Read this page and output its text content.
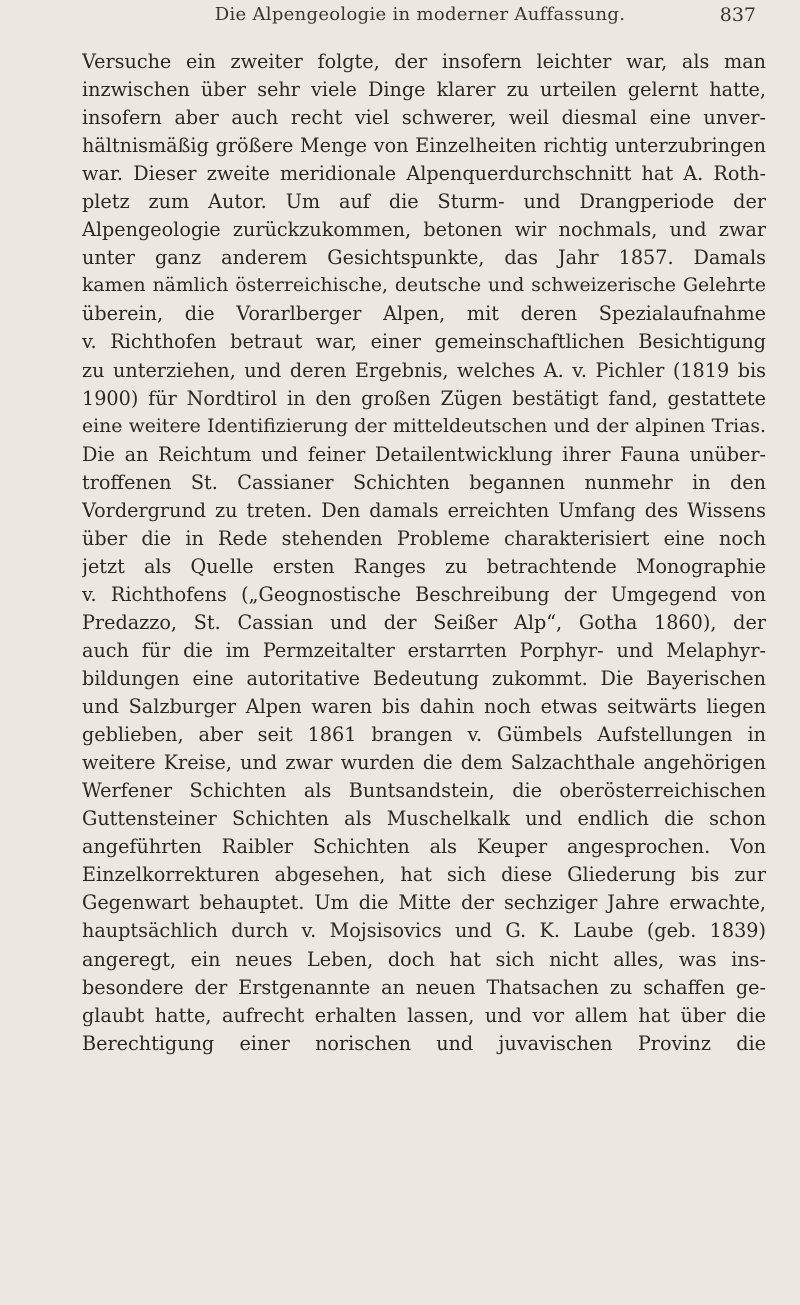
Die Alpengeologie in moderner Auffassung.	837
Versuche ein zweiter folgte, der insofern leichter war, als man
inzwischen über sehr viele Dinge klarer zu urteilen gelernt hatte,
insofern aber auch recht viel schwerer, weil diesmal eine unver-
hältnismäßig größere Menge von Einzelheiten richtig unterzubringen
war. Dieser zweite meridionale Alpenquerdurchschnitt hat A. Roth-
pletz zum Autor. Um auf die Sturm- und Drangperiode der
Alpengeologie zurückzukommen, betonen wir nochmals, und zwar
unter ganz anderem Gesichtspunkte, das Jahr 1857. Damals
kamen nämlich österreichische, deutsche und schweizerische Gelehrte
überein, die Vorarlberger Alpen, mit deren Spezialaufnahme
v. Richthofen betraut war, einer gemeinschaftlichen Besichtigung
zu unterziehen, und deren Ergebnis, welches A. v. Pichler (1819 bis
1900) für Nordtirol in den großen Zügen bestätigt fand, gestattete
eine weitere Identifizierung der mitteldeutschen und der alpinen Trias.
Die an Reichtum und feiner Detailentwicklung ihrer Fauna unüber-
troffenen St. Cassianer Schichten begannen nunmehr in den
Vordergrund zu treten. Den damals erreichten Umfang des Wissens
über die in Rede stehenden Probleme charakterisiert eine noch
jetzt als Quelle ersten Ranges zu betrachtende Monographie
v. Richthofens („Geognostische Beschreibung der Umgegend von
Predazzo, St. Cassian und der Seißer Alp“, Gotha 1860), der
auch für die im Permzeitalter erstarrten Porphyr- und Melaphyr-
bildungen eine autoritative Bedeutung zukommt. Die Bayerischen
und Salzburger Alpen waren bis dahin noch etwas seitwärts liegen
geblieben, aber seit 1861 brangen v. Gümbels Aufstellungen in
weitere Kreise, und zwar wurden die dem Salzachthale angehörigen
Werfener Schichten als Buntsandstein, die oberösterreichischen
Guttensteiner Schichten als Muschelkalk und endlich die schon
angeführten Raibler Schichten als Keuper angesprochen. Von
Einzelkorrekturen abgesehen, hat sich diese Gliederung bis zur
Gegenwart behauptet. Um die Mitte der sechziger Jahre erwachte,
hauptsächlich durch v. Mojsisovics und G. K. Laube (geb. 1839)
angeregt, ein neues Leben, doch hat sich nicht alles, was ins-
besondere der Erstgenannte an neuen Thatsachen zu schaffen ge-
glaubt hatte, aufrecht erhalten lassen, und vor allem hat über die
Berechtigung einer norischen und juvavischen Provinz die
